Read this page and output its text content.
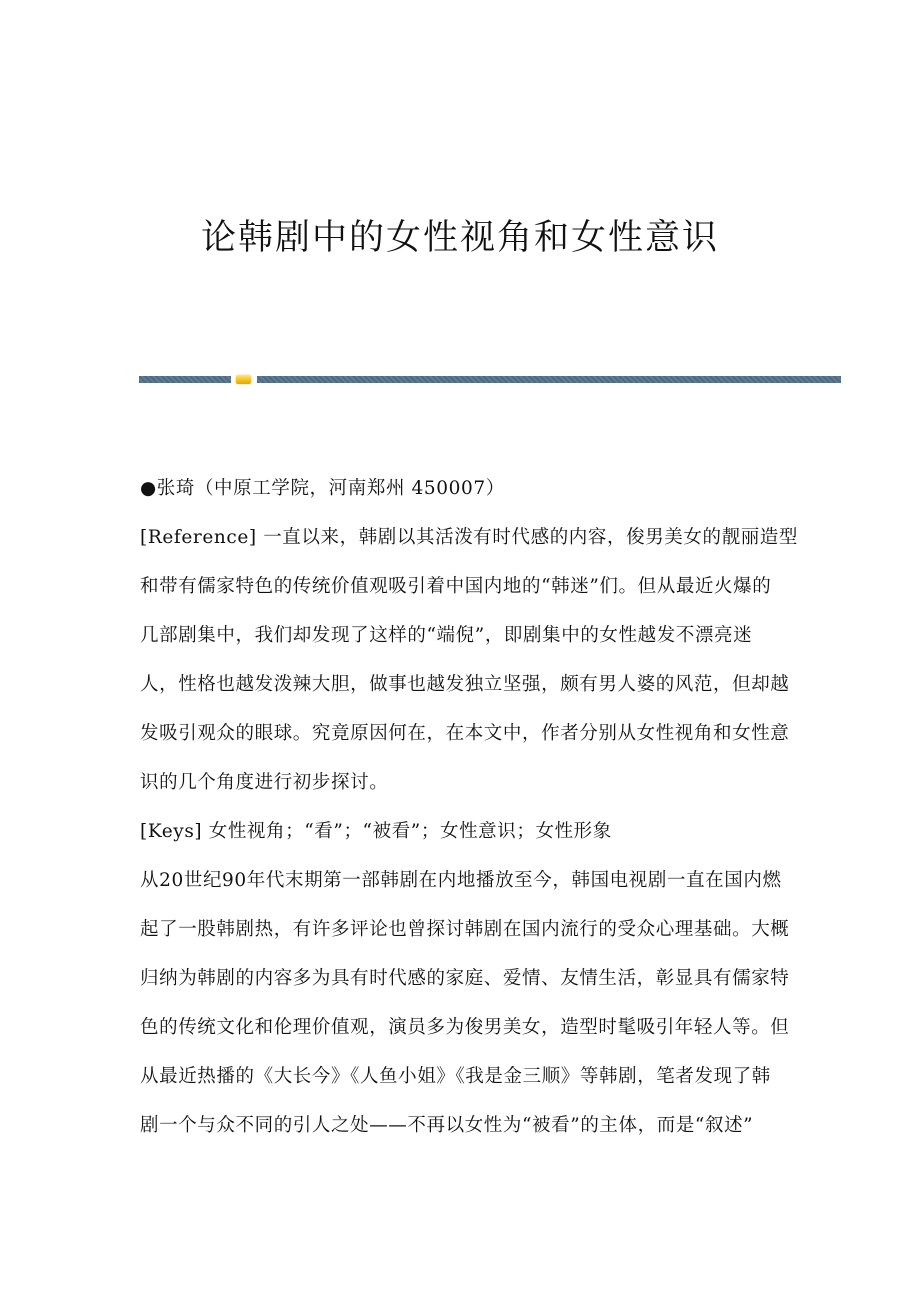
论韩剧中的女性视角和女性意识
●张琦（中原工学院，河南郑州 450007）
[Reference] 一直以来，韩剧以其活泼有时代感的内容，俊男美女的靓丽造型
和带有儒家特色的传统价值观吸引着中国内地的“韩迷”们。但从最近火爆的
几部剧集中，我们却发现了这样的“端倪”，即剧集中的女性越发不漂亮迷
人，性格也越发泼辣大胆，做事也越发独立坚强，颇有男人婆的风范，但却越
发吸引观众的眼球。究竟原因何在，在本文中，作者分别从女性视角和女性意
识的几个角度进行初步探讨。
[Keys] 女性视角；“看”；“被看”；女性意识；女性形象
从20世纪90年代末期第一部韩剧在内地播放至今，韩国电视剧一直在国内燃
起了一股韩剧热，有许多评论也曾探讨韩剧在国内流行的受众心理基础。大概
归纳为韩剧的内容多为具有时代感的家庭、爱情、友情生活，彰显具有儒家特
色的传统文化和伦理价值观，演员多为俊男美女，造型时髦吸引年轻人等。但
从最近热播的《大长今》《人鱼小姐》《我是金三顺》等韩剧，笔者发现了韩
剧一个与众不同的引人之处——不再以女性为“被看”的主体，而是“叙述”
